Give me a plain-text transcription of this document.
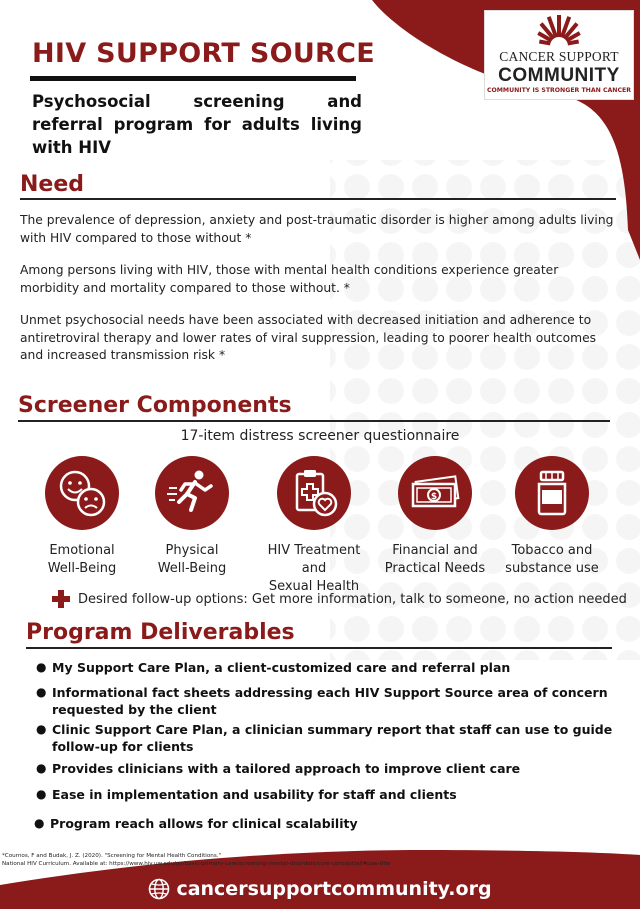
HIV SUPPORT SOURCE
Psychosocial screening and referral program for adults living with HIV
CANCER SUPPORT
COMMUNITY
COMMUNITY IS STRONGER THAN CANCER
Need
The prevalence of depression, anxiety and post-traumatic disorder is higher among adults living with HIV compared to those without *
Among persons living with HIV, those with mental health conditions experience greater morbidity and mortality compared to those without. *
Unmet psychosocial needs have been associated with decreased initiation and adherence to antiretroviral therapy and lower rates of viral suppression, leading to poorer health outcomes and increased transmission risk *
Screener Components
17-item distress screener questionnaire
Emotional
Well-Being
Physical
Well-Being
HIV Treatment and
Sexual Health
$
Financial and
Practical Needs
Tobacco and
substance use
Desired follow-up options: Get more information, talk to someone, no action needed
Program Deliverables
● My Support Care Plan, a client-customized care and referral plan
● Informational fact sheets addressing each HIV Support Source area of concern requested by the client
● Clinic Support Care Plan, a clinician summary report that staff can use to guide follow-up for clients
● Provides clinicians with a tailored approach to improve client care
● Ease in implementation and usability for staff and clients
● Program reach allows for clinical scalability
*Cournos, F and Budak, J. Z. (2020). "Screening for Mental Health Conditions."
National HIV Curriculum. Available at: https://www.hiv.uw.edu/go/basic-primary-care/screening-mental-disorders/core-concept/all#pae-title
cancersupportcommunity.org
